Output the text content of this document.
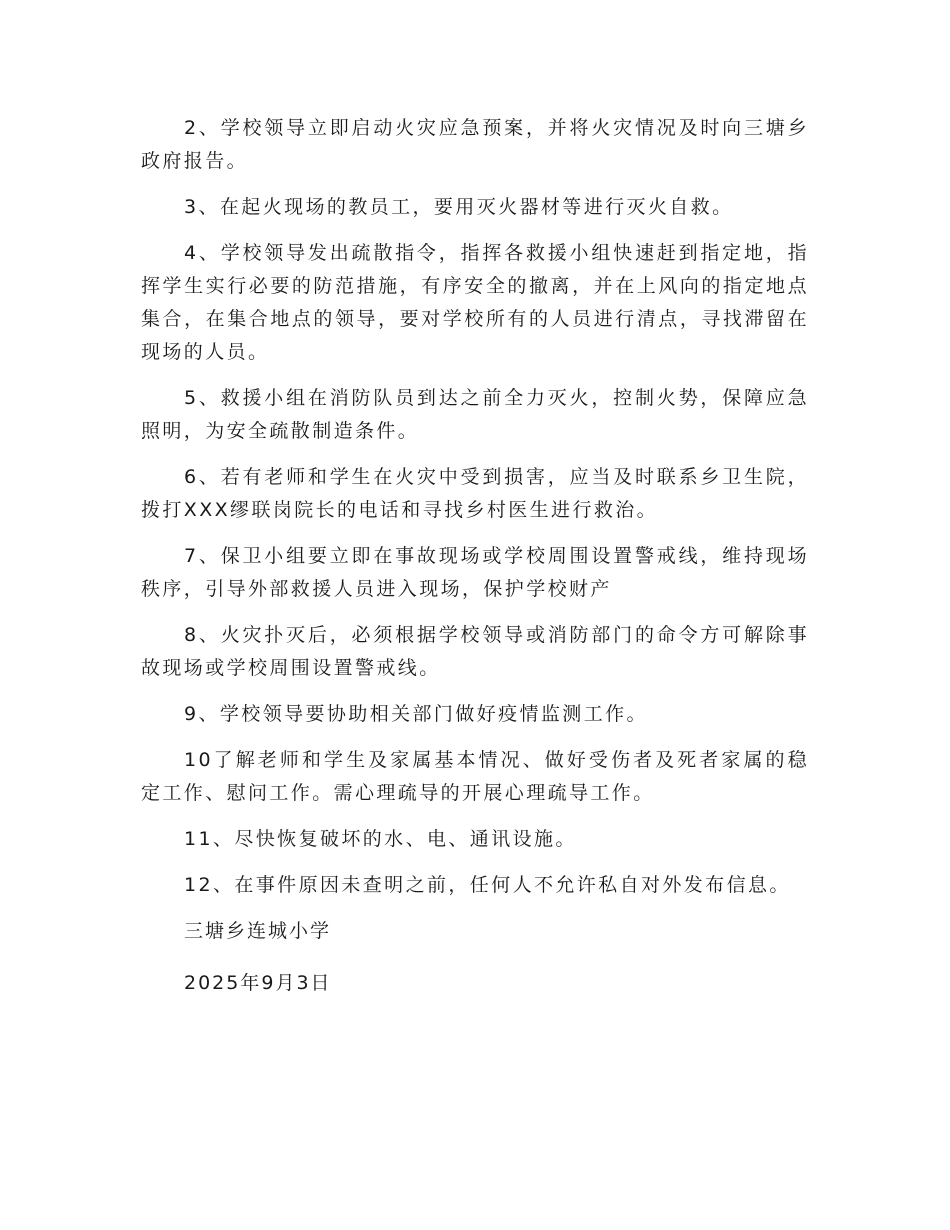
2、学校领导立即启动火灾应急预案，并将火灾情况及时向三塘乡政府报告。

3、在起火现场的教员工，要用灭火器材等进行灭火自救。

4、学校领导发出疏散指令，指挥各救援小组快速赶到指定地，指挥学生实行必要的防范措施，有序安全的撤离，并在上风向的指定地点集合，在集合地点的领导，要对学校所有的人员进行清点，寻找滞留在现场的人员。

5、救援小组在消防队员到达之前全力灭火，控制火势，保障应急照明，为安全疏散制造条件。

6、若有老师和学生在火灾中受到损害，应当及时联系乡卫生院，拨打XXX缪联岗院长的电话和寻找乡村医生进行救治。

7、保卫小组要立即在事故现场或学校周围设置警戒线，维持现场秩序，引导外部救援人员进入现场，保护学校财产

8、火灾扑灭后，必须根据学校领导或消防部门的命令方可解除事故现场或学校周围设置警戒线。

9、学校领导要协助相关部门做好疫情监测工作。

10了解老师和学生及家属基本情况、做好受伤者及死者家属的稳定工作、慰问工作。需心理疏导的开展心理疏导工作。

11、尽快恢复破坏的水、电、通讯设施。

12、在事件原因未查明之前，任何人不允许私自对外发布信息。

三塘乡连城小学

2025年9月3日
